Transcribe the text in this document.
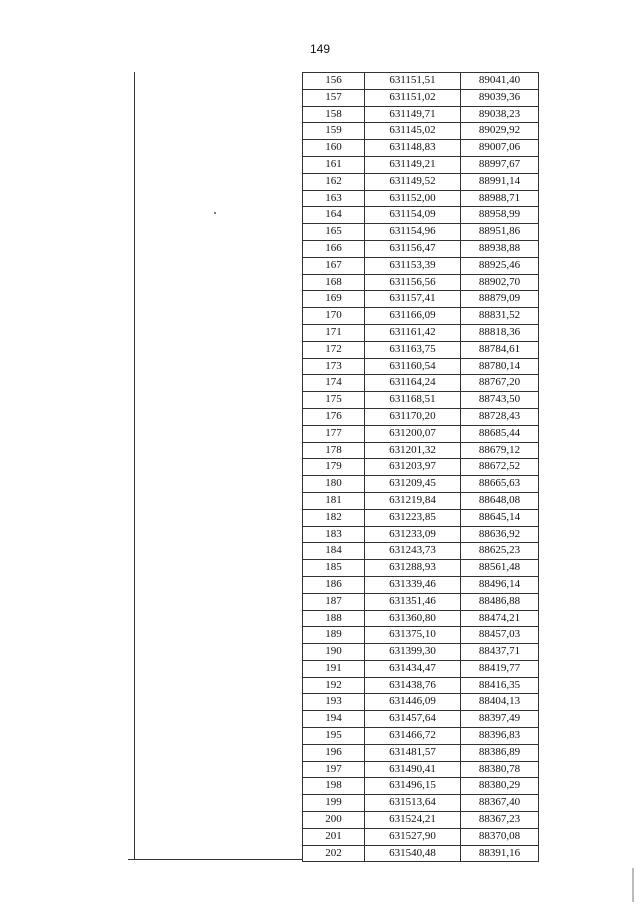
149
156	631151,51	89041,40
157	631151,02	89039,36
158	631149,71	89038,23
159	631145,02	89029,92
160	631148,83	89007,06
161	631149,21	88997,67
162	631149,52	88991,14
163	631152,00	88988,71
164	631154,09	88958,99
165	631154,96	88951,86
166	631156,47	88938,88
167	631153,39	88925,46
168	631156,56	88902,70
169	631157,41	88879,09
170	631166,09	88831,52
171	631161,42	88818,36
172	631163,75	88784,61
173	631160,54	88780,14
174	631164,24	88767,20
175	631168,51	88743,50
176	631170,20	88728,43
177	631200,07	88685,44
178	631201,32	88679,12
179	631203,97	88672,52
180	631209,45	88665,63
181	631219,84	88648,08
182	631223,85	88645,14
183	631233,09	88636,92
184	631243,73	88625,23
185	631288,93	88561,48
186	631339,46	88496,14
187	631351,46	88486,88
188	631360,80	88474,21
189	631375,10	88457,03
190	631399,30	88437,71
191	631434,47	88419,77
192	631438,76	88416,35
193	631446,09	88404,13
194	631457,64	88397,49
195	631466,72	88396,83
196	631481,57	88386,89
197	631490,41	88380,78
198	631496,15	88380,29
199	631513,64	88367,40
200	631524,21	88367,23
201	631527,90	88370,08
202	631540,48	88391,16
